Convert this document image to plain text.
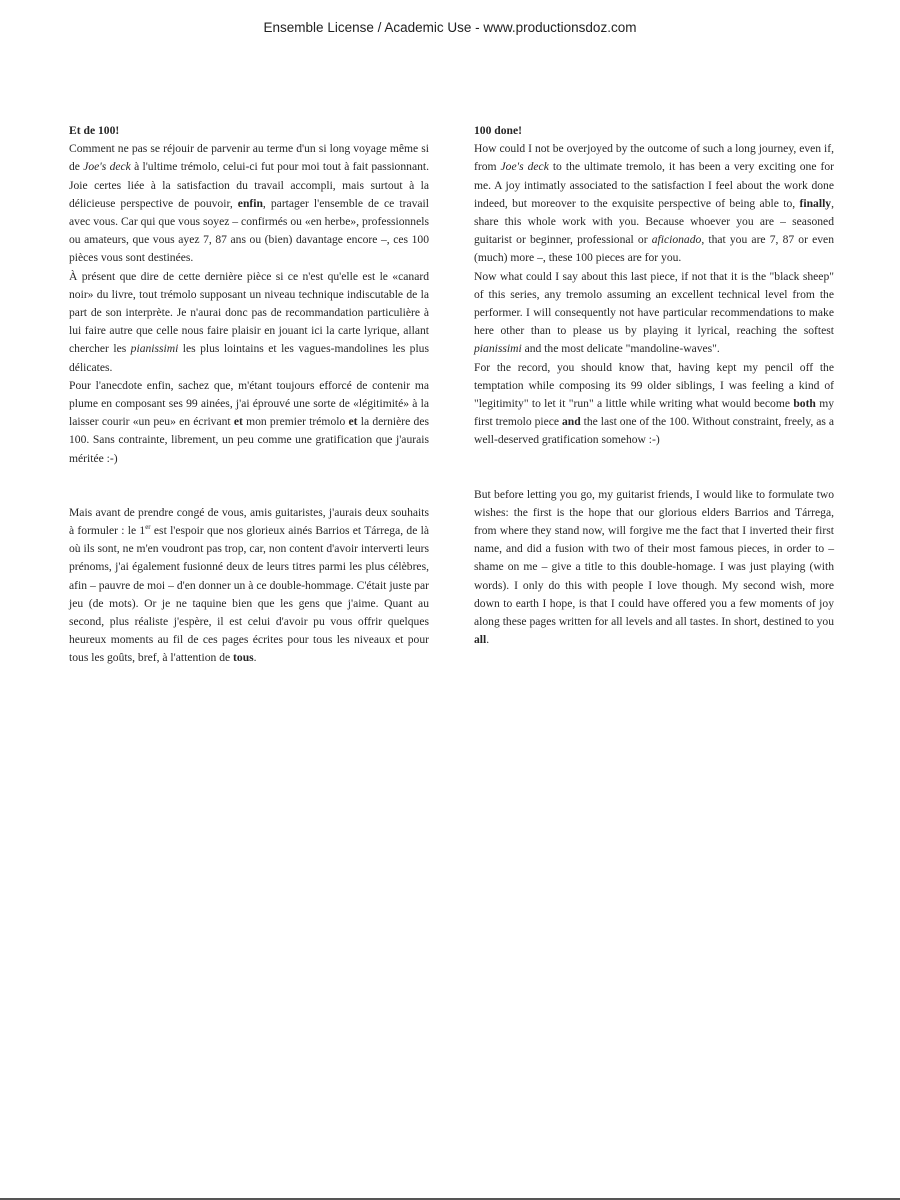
Ensemble License / Academic Use - www.productionsdoz.com

Et de 100!

Comment ne pas se réjouir de parvenir au terme d'un si long voyage même si de Joe's deck à l'ultime trémolo, celui-ci fut pour moi tout à fait passionnant. Joie certes liée à la satisfaction du travail accompli, mais surtout à la délicieuse perspective de pouvoir, enfin, partager l'ensemble de ce travail avec vous. Car qui que vous soyez – confirmés ou «en herbe», professionnels ou amateurs, que vous ayez 7, 87 ans ou (bien) davantage encore –, ces 100 pièces vous sont destinées.

À présent que dire de cette dernière pièce si ce n'est qu'elle est le «canard noir» du livre, tout trémolo supposant un niveau technique indiscutable de la part de son interprète. Je n'aurai donc pas de recommandation particulière à lui faire autre que celle nous faire plaisir en jouant ici la carte lyrique, allant chercher les pianissimi les plus lointains et les vagues-mandolines les plus délicates.

Pour l'anecdote enfin, sachez que, m'étant toujours efforcé de contenir ma plume en composant ses 99 ainées, j'ai éprouvé une sorte de «légitimité» à la laisser courir «un peu» en écrivant et mon premier trémolo et la dernière des 100. Sans contrainte, librement, un peu comme une gratification que j'aurais méritée :-)

Mais avant de prendre congé de vous, amis guitaristes, j'aurais deux souhaits à formuler : le 1er est l'espoir que nos glorieux ainés Barrios et Tárrega, de là où ils sont, ne m'en voudront pas trop, car, non content d'avoir interverti leurs prénoms, j'ai également fusionné deux de leurs titres parmi les plus célèbres, afin – pauvre de moi – d'en donner un à ce double-hommage. C'était juste par jeu (de mots). Or je ne taquine bien que les gens que j'aime. Quant au second, plus réaliste j'espère, il est celui d'avoir pu vous offrir quelques heureux moments au fil de ces pages écrites pour tous les niveaux et pour tous les goûts, bref, à l'attention de tous.

100 done!

How could I not be overjoyed by the outcome of such a long journey, even if, from Joe's deck to the ultimate tremolo, it has been a very exciting one for me. A joy intimatly associated to the satisfaction I feel about the work done indeed, but moreover to the exquisite perspective of being able to, finally, share this whole work with you. Because whoever you are – seasoned guitarist or beginner, professional or aficionado, that you are 7, 87 or even (much) more –, these 100 pieces are for you.

Now what could I say about this last piece, if not that it is the "black sheep" of this series, any tremolo assuming an excellent technical level from the performer. I will consequently not have particular recommendations to make here other than to please us by playing it lyrical, reaching the softest pianissimi and the most delicate "mandoline-waves".

For the record, you should know that, having kept my pencil off the temptation while composing its 99 older siblings, I was feeling a kind of "legitimity" to let it "run" a little while writing what would become both my first tremolo piece and the last one of the 100. Without constraint, freely, as a well-deserved gratification somehow :-)

But before letting you go, my guitarist friends, I would like to formulate two wishes: the first is the hope that our glorious elders Barrios and Tárrega, from where they stand now, will forgive me the fact that I inverted their first name, and did a fusion with two of their most famous pieces, in order to – shame on me – give a title to this double-homage. I was just playing (with words). I only do this with people I love though. My second wish, more down to earth I hope, is that I could have offered you a few moments of joy along these pages written for all levels and all tastes. In short, destined to you all.
